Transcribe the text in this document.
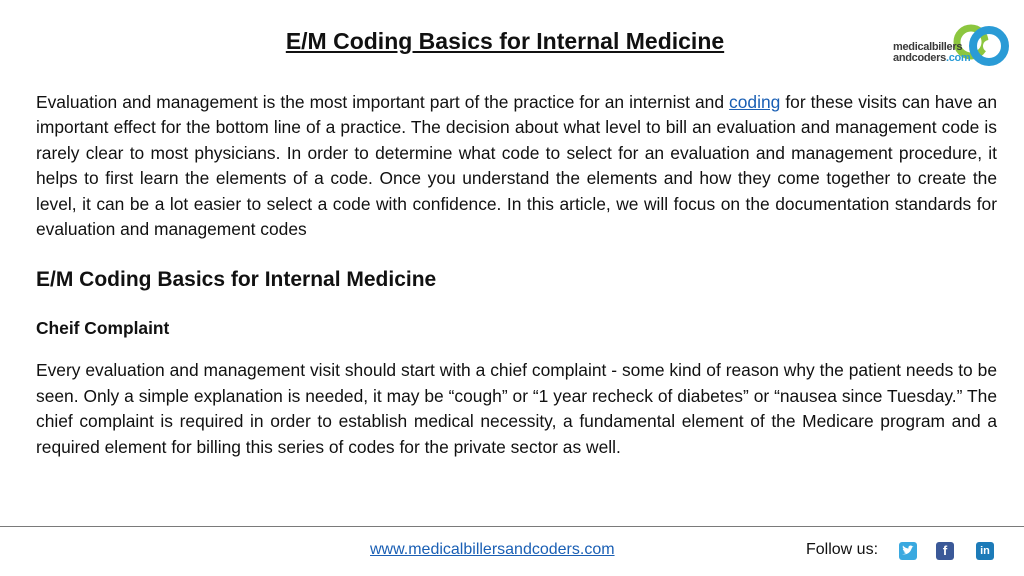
E/M Coding Basics for Internal Medicine	medicalbillers
andcoders.com

Evaluation and management is the most important part of the practice for an internist and coding for these visits can have an important effect for the bottom line of a practice. The decision about what level to bill an evaluation and management code is rarely clear to most physicians. In order to determine what code to select for an evaluation and management procedure, it helps to first learn the elements of a code. Once you understand the elements and how they come together to create the level, it can be a lot easier to select a code with confidence. In this article, we will focus on the documentation standards for evaluation and management codes

E/M Coding Basics for Internal Medicine
Cheif Complaint

Every evaluation and management visit should start with a chief complaint - some kind of reason why the patient needs to be seen. Only a simple explanation is needed, it may be “cough” or “1 year recheck of diabetes” or “nausea since Tuesday.” The chief complaint is required in order to establish medical necessity, a fundamental element of the Medicare program and a required element for billing this series of codes for the private sector as well.

www.medicalbillersandcoders.com	Follow us:	f	in
